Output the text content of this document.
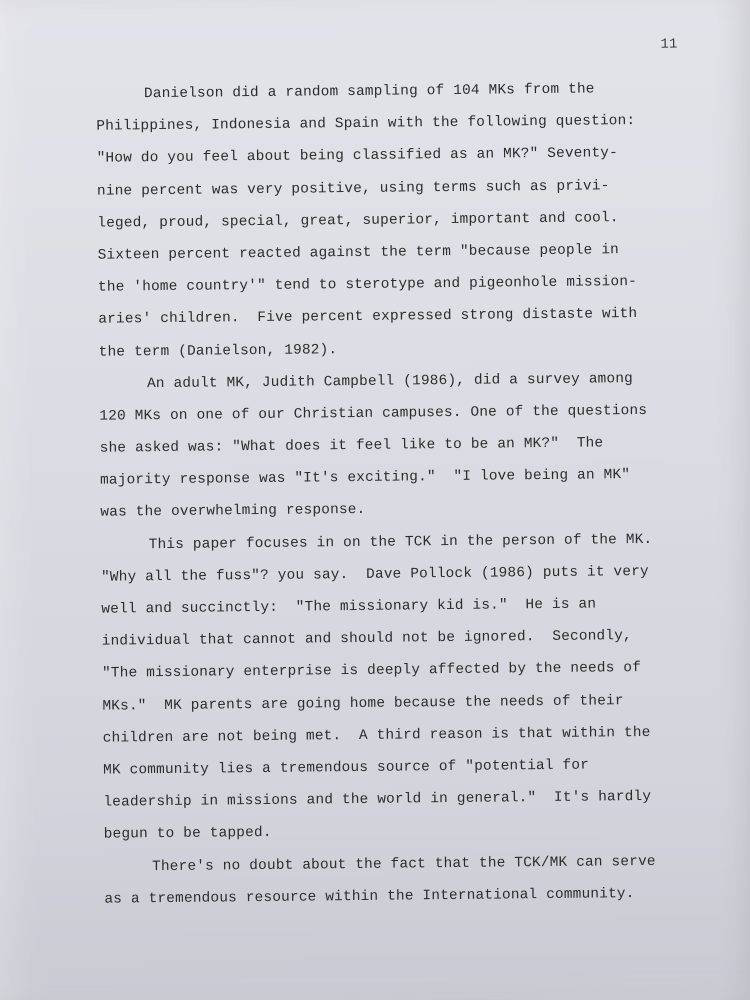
11
Danielson did a random sampling of 104 MKs from the
Philippines, Indonesia and Spain with the following question:
"How do you feel about being classified as an MK?" Seventy-
nine percent was very positive, using terms such as privi-
leged, proud, special, great, superior, important and cool.
Sixteen percent reacted against the term "because people in
the 'home country'" tend to sterotype and pigeonhole mission-
aries' children.  Five percent expressed strong distaste with
the term (Danielson, 1982).
An adult MK, Judith Campbell (1986), did a survey among
120 MKs on one of our Christian campuses. One of the questions
she asked was: "What does it feel like to be an MK?"  The
majority response was "It's exciting."  "I love being an MK"
was the overwhelming response.
This paper focuses in on the TCK in the person of the MK.
"Why all the fuss"? you say.  Dave Pollock (1986) puts it very
well and succinctly:  "The missionary kid is."  He is an
individual that cannot and should not be ignored.  Secondly,
"The missionary enterprise is deeply affected by the needs of
MKs."  MK parents are going home because the needs of their
children are not being met.  A third reason is that within the
MK community lies a tremendous source of "potential for
leadership in missions and the world in general."  It's hardly
begun to be tapped.
There's no doubt about the fact that the TCK/MK can serve
as a tremendous resource within the International community.
